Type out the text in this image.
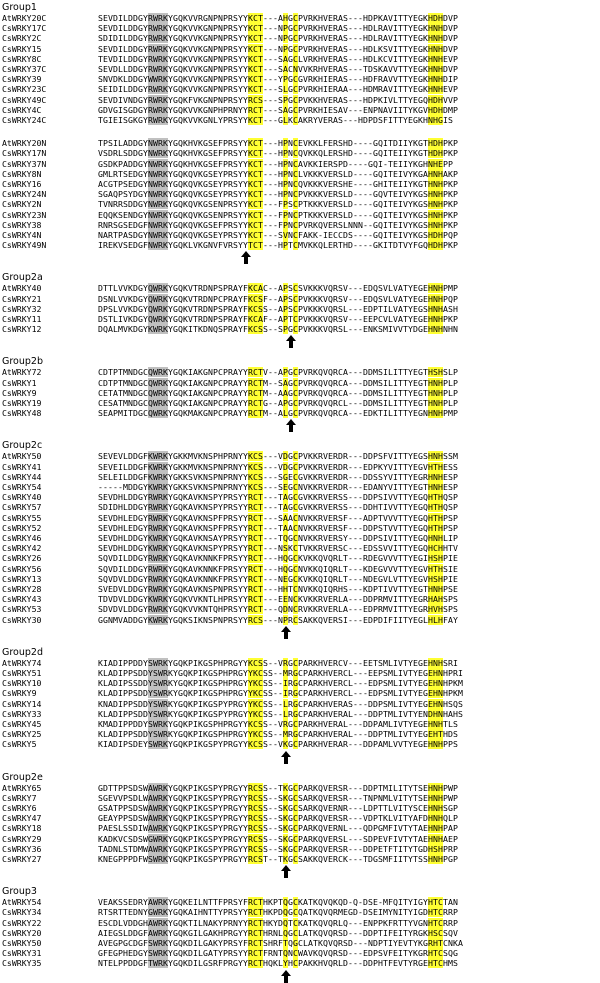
Group1
AtWRKY20C	SEVDILDDGYRWRKYGQKVVRGNPNPRSYYKCT---AHGCPVRKHVERAS---HDPKAVITTYEGKHDHDVP
CsWRKY17C	SEVDILDDGYRWRKYGQKVVKGNPNPRSYYKCT---NPGCPVRKHVERAS---HDLRAVITTYEGKHNHDVP
CsWRKY2C	SDIDILDDGYRWRKYGQKVVKGNPNPRSYYKCT---NPGCPVRKHVERAS---HDLRAVITTYEGKHNHDVP
CsWRKY15	SEVDILDDGYRWRKYGQKVVKGNPNPRSYYKCT---NPGCPVRKHVERAS---HDLKSVITTYEGKHNHDVP
CsWRKY8C	TEVDILDDGYRWRKYGQKVVKGNPNPRSYYKCT---SAGCLVRKHVERAS---HDLKCVITTYEGKHNHEVP
CsWRKY37C	SEVDLLDDGYRWRKYGQKVVKGNPNPRSYYKCT---SACNVVKRHVERAS---TDSKAVVTTYEGKHNHDVP
CsWRKY39	SNVDKLDDGYWWRKYGQKVVKGNPNPRSYYKCT---YPGCGVRKHIERAS---HDFRAVVTTYEGKHNHDIP
CsWRKY23C	SEIDILDDGYRWRKYGQKVVKGNPNPRSYYKCT---SLGCPVRKHIERAA---HDMRAVITTYEGKHNHEVP
CsWRKY49C	SEVDIVNDGYRWRKYGQKFVKGNPNPRSYYRCS---SPGCPVKKHVERAS---HDPKIVLTTYEGQHDHVVP
CsWRKY4C	GDVGISGDGYRWRKYGQKVVKGNPHPRNYYRCT---SAGCPVRKHIESAV---ENPNAVIITYKGVHDHDMP
CsWRKY24C	TGIEISGKGYRWRKYGQKVVKGNLYPRSYYKCT---GLKCAKRYVERAS---HDPDSFITTYEGKHNHGIS
AtWRKY20N	TPSILADDGYNWRKYGQKHVKGSEFPRSYYKCT---HPNCEVKKLFERSHD----GQITDIIYKGTHDHPKP
CsWRKY17N	VSDRLSDDGYNWRKYGQKHVKGSEFPRSYYKCT---HPNCQVKKQLERSHD----GQITEIIYKGTHDHPKP
CsWRKY37N	GSDKPADDGYNWRKYGQKHVKGSEFPRSYYKCT---HPNCAVKKIERSPD----GQI-TEIIYKGHNHEPP
CsWRKY8N	GMLRTSEDGYNWRKYGQKQVKGSEYPRSYYKCT---HPNCLVKKKVERSLD----GQITEIVYKGAHNHAKP
CsWRKY16	ACGTPSEDGYNWRKYGQKQVKGSEYPRSYYKCT---HPNCQVKKKVERSHE----GHITEIIYKGTHNHPKP
CsWRKY24N	SGAQPSYDGYNWRKYGQKQVKGSEYPRSYYKCT---HPNCPVKKKVERSLD----GQVTEIVYKGSHNHPKP
CsWRKY2N	TVNRRSDDGYNWRKYGQKQVKGSENPRSYYKCT---FPSCPTKKKVERSLD----GQITEIVYKGSHNHPKP
CsWRKY23N	EQQKSENDGYNWRKYGQKQVKGSENPRSYYKCT---FPNCPTKKKVERSLD----GQITEIVYKGSHNHPKP
CsWRKY38	RNRSGSEDGFNWRKYGQKQVKGSEFPRSYYKCT---FPNCPVRKQVERSLNNN--GQITEIVYKGSHNHPKP
CsWRKY4N	NARTPASDGYNWRKYGQKQVKGSEYPRSYYKCT---SVNCFAKK-IECCDS----GQITEIVYKGSHDHPQP
CsWRKY49N	IREKVSEDGFNWRKYGQKLVKGNVFVRSYYTCT---HPTCMVKKQLERTHD----GKITDTVYFGQHDHPKP
Group2a
AtWRKY40	DTTLVVKDGYQWRKYGQKVTRDNPSPRAYFKCAC--APSCSVKKKVQRSV---EDQSVLVATYEGEHNHPMP
CsWRKY21	DSNLVVKDGYQWRKYGQKVTRDNPCPRAYFKCSF--APSCPVKKKVQRSV---EDQSVLVATYEGEHNHPQP
CsWRKY32	DPSLVVKDGYQWRKYGQKVTRDNPSPRAYFKCSS--APSCPVKKKVQRSL---EDPTILVATYEGSHNHASH
CsWRKY11	DSTLIVKDGYQWRKYGQKVTRDNPSPRAYFKCAF--APTCPVKKKVQRSV---EEPCVLVATYEGEHNHPKP
CsWRKY12	DQALMVKDGYKWRKYGQKITKDNQSPRAYFKCSS--SPGCPVKKKVQRSL---ENKSMIVVTYDGEHNHNHN
Group2b
AtWRKY72	CDTPTMNDGCQWRKYGQKIAKGNPCPRAYYRCTV--APGCPVRKQVQRCA---DDMSILITTYEGTHSHSLP
CsWRKY1	CDTPTMNDGCQWRKYGQKIAKGNPCPRAYYRCTM--SAGCPVRKQVQRCA---DDMSILITTYEGTHNHPLP
CsWRKY9	CETATMNDGCQWRKYGQKIAKGNPCPRAYYRCTM--AAGCPVRKQVQRCA---DDMSILITTYEGTHNHPLP
CsWRKY19	CESATMNDGCQWRKYGQKIAKGNPCPRAYYRCTG--APGCPVRKQVQRCL---DDMSILITTYEGTHNHPLP
CsWRKY48	SEAPMITDGCQWRKYGQKMAKGNPCPRAYYRCTM--ALGCPVRKQVQRCA---EDKTILITTYEGNHNHPMP
Group2c
AtWRKY50	SEVEVLDDGFKWRKYGKKMVKNSPHPRNYYKCS---VDGCPVKKRVERDR---DDPSFVITTYEGSHNHSSM
CsWRKY41	SEVEILDDGFKWRKYGKKMVKNSPNPRNYYKCS---VDGCPVKKRVERDR---EDPKYVITTYEGVHTHESS
CsWRKY44	SELEILDDGFKWRKYGKKSVKNSPNPRNYYKCS---SGECGVKKRVERDR---DDSSYVITTYEGRHNHESP
CsWRKY54	-----MDDGYKWRKYGKKSVKNSPNPRNYYKCS---SEGCNVKKRVERDR---EDANYVITTYEGTHNHESP
CsWRKY40	SEVDHLDDGYRWRKYGQKAVKNSPYPRSYYRCT---TAGCGVKKRVERSS---DDPSIVVTTYEGQHTHQSP
CsWRKY57	SDIDHLDDGYRWRKYGQKAVKNSPYPRSYYRCT---TAGCGVKKRVERSS---DDHTIVVTTYEGQHTHQSP
CsWRKY55	SEVDHLEDGYRWRKYGQKAVKNSPFPRSYYRCT---SAACNVKKRVERSF---ADPTVVVTTYEGQHTHPSP
CsWRKY52	SEVDHLEDGYRWRKYGQKAVKNSPFPRSYYRCT---TAACNVKKRVERSF---DDPSTVVTTYEGQHTHPSP
CsWRKY46	SEVDHLDDGYKWRKYGQKAVKNSAYPRSYYRCT---TQGCNVKKRVERSY---DDPSIVITTYEGQHNHLIP
CsWRKY42	SEVDHLDDGYKWRKYGQKAVKNSPYPRSYYRCT---NSKCTVKKRVERSC---EDSSVVITTYEGQHCHHTV
CsWRKY26	SQVDILDDGYRWRKYGQKAVKNNKFPRSYYRCT---HQGCKVKKQVQRLT---RDEGVVVTTYEGIHSHPIE
CsWRKY56	SQVDILDDGYRWRKYGQKAVKNNKFPRSYYRCT---HQGCNVKKQIQRLT---KDEGVVVTTYEGVHTHSIE
CsWRKY13	SQVDVLDDGYRWRKYGQKAVKNNKFPRSYYRCT---NEGCKVKKQIQRLT---NDEGVLVTTYEGVHSHPIE
CsWRKY28	SVEDVLDDGYRWRKYGQKAVKNSPNPRSYYRCT---HHTCNVKKQIQRHS---KDPTIVVTTYEGTHNHPSE
CsWRKY43	TDVDVLDDGYKWRKYGQKVVKNTLHPRSYYRCT---EENCKVKKRVERLA---DDPRMVITTYEGRHAHSPS
CsWRKY53	SDVDVLDDGYRWRKYGQKVVKNTQHPRSYYRCT---QDNCRVKKRVERLA---EDPRMVITTYEGRHVHSPS
CsWRKY30	GGNMVADDGYKWRKYGQKSIKNSPNPRSYYRCS---NPRCSAKKQVERSI---EDPDIFIITYEGLHLHFAY
Group2d
AtWRKY74	KIADIPPDDYSWRKYGQKPIKGSPHPRGYYKCSS--VRGCPARKHVERCV---EETSMLIVTYEGEHNHSRI
CsWRKY51	KLADIPPSDDYSWRKYGQKPIKGSPHPRGYYKCSS--MRGCPARKHVERCL---EEPSMLIVTYEGEHNHPRI
CsWRKY10	KLADIPSSDDYSWRKYGQKPIKGSPHPRGYYKCSS--IRGCPARKHVERCL---EDPSMLIVTYEGEHNHPKM
CsWRKY9	KLADIPPSDDYSWRKYGQKPIKGSPHPRGYYKCSS--IRGCPARKHVERCL---EDPSMLIVTYEGEHNHPKM
CsWRKY14	KNADIPPSDDYSWRKYGQKPIKGSPYPRGYYKCSS--LRGCPARKHVERAS---DDPSMLIVTYEGEHNHSQS
CsWRKY33	KLADIPPSDDYSWRKYGQKPIKGSPYPRGYYKCSS--LRGCPARKHVERAL---DDPTMLIVTYENDHNHAHS
CsWRKY45	KMADIPPDDYSWRKYGQKPIKGSPHPRGYYKCSS--VRGCPARKHVERAL---DDPAMLIVTYEGEHNHTLS
CsWRKY25	KLADIPPSDDYSWRKYGQKPIKGSPHPRGYYKCSS--MRGCPARKHVERAL---DDPTMLIVTYEGEHTHDS
CsWRKY5	KIADIPSDEYSWRKYGQKPIKGSPYPRGYYKCSS--VKGCPARKHVERAR---DDPAMLVVTYEGEHNHPPS
Group2e
AtWRKY65	GDTTPPSDSWAWRKYGQKPIKGSPYPRGYYRCSS--TKGCPARKQVERSR---DDPTMILITYTSEHNHPWP
CsWRKY7	SGEVVPSDLWAWRKYGQKPIKGSPYPRGYYRCSS--SKGCSARKQVERSR---TNPNMLVITYTSEHNHPWP
CsWRKY6	GSATPPSDSWAWRKYGQKPIKGSPYPRGYYRCSS--SKGCSARKQVERNR---LDPTTLVITYSCEHNHSGP
CsWRKY47	GEAYPPSDSWAWRKYGQKPIKGSPYPRGYYRCSS--SKGCPARKQVERSR---VDPTKLVITYAFDHNHQLP
CsWRKY18	PAESLSSDIWAWRKYGQKPIKGSPYPRGYYRCSS--SKGCPARKQVERNL---QDPGMFIVTYTAEHNHPAP
CsWRKY29	KADKVCSDSWGWRKYGQKPIKGSPYPRGYYRCSS--SKGCPARKQVERSL---SDPEVFIVTYTAEHNHAEP
CsWRKY36	TADNLSTDMWAWRKYGQKPIKGSPYPRGYYRCSS--SKGCPARKQVERSR---DDPETFTITYTGDHSHPRP
CsWRKY27	KNEGPPPDFWSWRKYGQKPIKGSPYPRGYYRCST--TKGCSAKKQVERCK---TDGSMFIITYTSSHNHPGP
Group3
AtWRKY54	VEAKSSEDRYAWRKYGQKEILNTTFPRSYFRCTHKPTQGCKATKQVQKQD-Q-DSE-MFQITYIGYHTCTAN
CsWRKY34	RTSRTTEDNYGWRKYGQKAIHNTTYPRSYYRCTHKPDQGCQATKQVQRMEGD-DSEIMYNITYIGDHTCRRP
CsWRKY22	ESCDLVDDGHAWRKYGQKTILNAKYPRNYYRCTHKYDQTCKATKQVQRLQ---ENPPKFRTTYVGNHTCRRP
CsWRKY20	AIEGSLDDGFAWRKYGQKGILGAKHPRGYYRCTHRNLQGCLATKQVQRSD---DDPTIFEITYRGKHSCSQV
CsWRKY50	AVEGPGCDGFSWRKYGQKDILGAKYPRSYFRCTSHRFTQGCLATKQVQRSD---NDPTIYEVTYKGRHTCNKA
CsWRKY31	GFEGPHEDGYSWRKYGQKDILGATYPRSYYRCTFRNTQNCWAVKQVQRSD---EDPSVFEITYKGRHTCSQG
CsWRKY35	NTELPPDDGFTWRKYGQKDILGSRFPRGYYRCTHQKLYHCPAKKHVQRLD---DDPHTFEVTYRGEHTCHMS
